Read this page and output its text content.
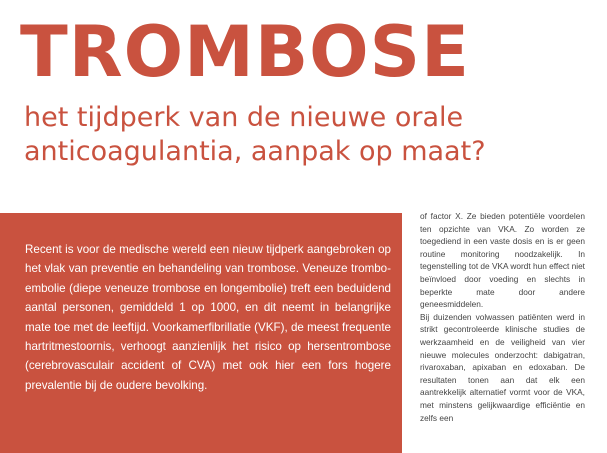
TROMBOSE
het tijdperk van de nieuwe orale anticoagulantia, aanpak op maat?

Recent is voor de medische wereld een nieuw tijdperk aangebroken op het vlak van preventie en behandeling van trombose. Veneuze trombo-embolie (diepe veneuze trombose en longembolie) treft een beduidend aantal personen, gemiddeld 1 op 1000, en dit neemt in belangrijke mate toe met de leeftijd. Voorkamerfibrillatie (VKF), de meest frequente hartritmestoornis, verhoogt aanzienlijk het risico op hersentrombose (cerebrovasculair accident of CVA) met ook hier een fors hogere prevalentie bij de oudere bevolking.

of factor X. Ze bieden potentiële voordelen ten opzichte van VKA. Zo worden ze toegediend in een vaste dosis en is er geen routine monitoring noodzakelijk. In tegenstelling tot de VKA wordt hun effect niet beïnvloed door voeding en slechts in beperkte mate door andere geneesmiddelen.

Bij duizenden volwassen patiënten werd in strikt gecontroleerde klinische studies de werkzaamheid en de veiligheid van vier nieuwe molecules onderzocht: dabigatran, rivaroxaban, apixaban en edoxaban. De resultaten tonen aan dat elk een aantrekkelijk alternatief vormt voor de VKA, met minstens gelijkwaardige efficiëntie en zelfs een
